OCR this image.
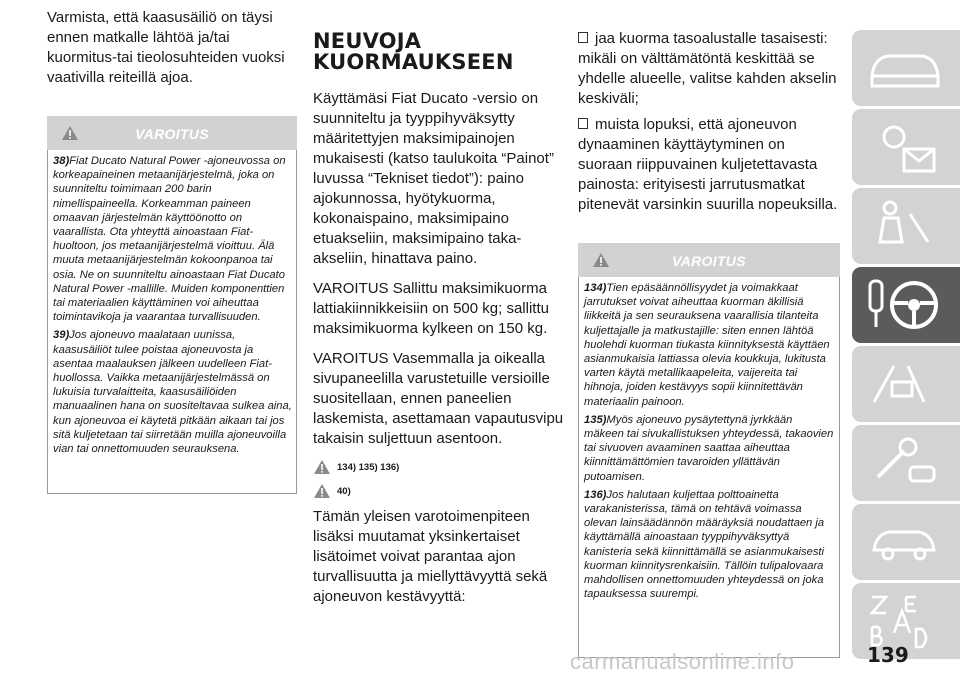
Varmista, että kaasusäiliö on täysi ennen matkalle lähtöä ja/tai kuormitus-tai tieolosuhteiden vuoksi vaativilla reiteillä ajoa.

VAROITUS

38)Fiat Ducato Natural Power -ajoneuvossa on korkeapaineinen metaanijärjestelmä, joka on suunniteltu toimimaan 200 barin nimellispaineella. Korkeamman paineen omaavan järjestelmän käyttöönotto on vaarallista. Ota yhteyttä ainoastaan Fiat-huoltoon, jos metaanijärjestelmä vioittuu. Älä muuta metaanijärjestelmän kokoonpanoa tai osia. Ne on suunniteltu ainoastaan Fiat Ducato Natural Power -mallille. Muiden komponenttien tai materiaalien käyttäminen voi aiheuttaa toimintavikoja ja vaarantaa turvallisuuden.

39)Jos ajoneuvo maalataan uunissa, kaasusäiliöt tulee poistaa ajoneuvosta ja asentaa maalauksen jälkeen uudelleen Fiat-huollossa. Vaikka metaanijärjestelmässä on lukuisia turvalaitteita, kaasusäiliöiden manuaalinen hana on suositeltavaa sulkea aina, kun ajoneuvoa ei käytetä pitkään aikaan tai jos sitä kuljetetaan tai siirretään muilla ajoneuvoilla vian tai onnettomuuden seurauksena.

NEUVOJA
KUORMAUKSEEN

Käyttämäsi Fiat Ducato -versio on suunniteltu ja tyyppihyväksytty määritettyjen maksimipainojen mukaisesti (katso taulukoita “Painot” luvussa “Tekniset tiedot”): paino ajokunnossa, hyötykuorma, kokonaispaino, maksimipaino etuakseliin, maksimipaino taka-akseliin, hinattava paino.

VAROITUS Sallittu maksimikuorma lattiakiinnikkeisiin on 500 kg; sallittu maksimikuorma kylkeen on 150 kg.

VAROITUS Vasemmalla ja oikealla sivupaneelilla varustetuille versioille suositellaan, ennen paneelien laskemista, asettamaan vapautusvipu takaisin suljettuun asentoon.

134) 135) 136)
40)

Tämän yleisen varotoimenpiteen lisäksi muutamat yksinkertaiset lisätoimet voivat parantaa ajon turvallisuutta ja miellyttävyyttä sekä ajoneuvon kestävyyttä:

jaa kuorma tasoalustalle tasaisesti: mikäli on välttämätöntä keskittää se yhdelle alueelle, valitse kahden akselin keskiväli;

muista lopuksi, että ajoneuvon dynaaminen käyttäytyminen on suoraan riippuvainen kuljetettavasta painosta: erityisesti jarrutusmatkat pitenevät varsinkin suurilla nopeuksilla.

VAROITUS

134)Tien epäsäännöllisyydet ja voimakkaat jarrutukset voivat aiheuttaa kuorman äkillisiä liikkeitä ja sen seurauksena vaarallisia tilanteita kuljettajalle ja matkustajille: siten ennen lähtöä huolehdi kuorman tiukasta kiinnityksestä käyttäen asianmukaisia lattiassa olevia koukkuja, lukitusta varten käytä metallikaapeleita, vaijereita tai hihnoja, joiden kestävyys sopii kiinnitettävän materiaalin painoon.

135)Myös ajoneuvo pysäytettynä jyrkkään mäkeen tai sivukallistuksen yhteydessä, takaovien tai sivuoven avaaminen saattaa aiheuttaa kiinnittämättömien tavaroiden yllättävän putoamisen.

136)Jos halutaan kuljettaa polttoainetta varakanisterissa, tämä on tehtävä voimassa olevan lainsäädännön määräyksiä noudattaen ja käyttämällä ainoastaan tyyppihyväksyttyä kanisteria sekä kiinnittämällä se asianmukaisesti kuorman kiinnitysrenkaisiin. Tällöin tulipalovaara mahdollisen onnettomuuden yhteydessä on joka tapauksessa suurempi.

carmanualsonline.info	139
